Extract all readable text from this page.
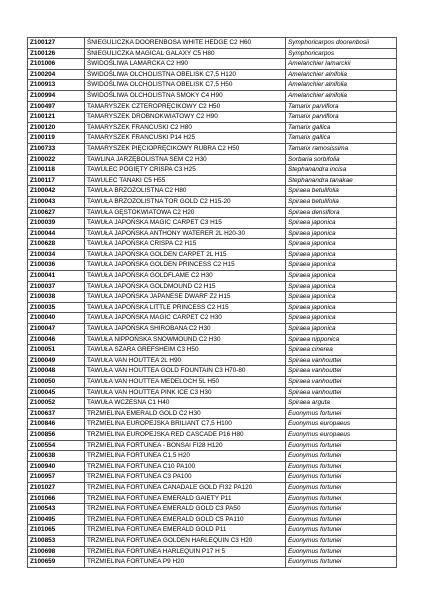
Z100127	ŚNIEGULICZKA DOORENBOSA WHITE HEDGE C2 H60	Symphoricarpos doorenbosii
Z100126	ŚNIEGULICZKA MAGICAL GALAXY C5 H80	Symphoricarpos
Z101006	ŚWIDOŚLIWA LAMARCKA C2 H90	Amelanchier lamarckii
Z100204	ŚWIDOŚLIWA OLCHOLISTNA OBELISK C7,5 H120	Amelanchier alnifolia
Z100913	ŚWIDOŚLIWA OLCHOLISTNA OBELISK C7,5 H50	Amelanchier alnifolia
Z100994	ŚWIDOŚLIWA OLCHOLISTNA SMOKY C4 H90	Amelanchier alnifolia
Z100497	TAMARYSZEK CZTEROPRĘCIKOWY C2 H50	Tamarix parviflora
Z100121	TAMARYSZEK DROBNOKWIATOWY C2 H90	Tamarix parviflora
Z100120	TAMARYSZEK FRANCUSKI C2 H80	Tamarix gallica
Z100119	TAMARYSZEK FRANCUSKI P14 H25	Tamarix gallica
Z100733	TAMARYSZEK PIĘCIOPRĘCIKOWY RUBRA C2 H50	Tamarix ramosissima
Z100022	TAWLINA JARZĘBOLISTNA SEM C2 H30	Sorbaria sorbifolia
Z100118	TAWULEC POGIĘTY CRISPA C3 H25	Stephanandra incisa
Z100117	TAWULEC TANAKI C5 H55	Stephanandra tanakae
Z100042	TAWUŁA BRZOZOLISTNA C2 H80	Spiraea betulifolia
Z100043	TAWUŁA BRZOZOLISTNA TOR GOLD C2 H15-20	Spiraea betulifolia
Z100627	TAWUŁA GĘSTOKWIATOWA C2 H20	Spiraea densiflora
Z100039	TAWUŁA JAPOŃSKA MAGIC CARPET C3 H15	Spiraea japonica
Z100044	TAWUŁA JAPOŃSKA ANTHONY WATERER 2L H20-30	Spiraea japonica
Z100628	TAWUŁA JAPOŃSKA CRISPA C2 H15	Spiraea japonica
Z100034	TAWUŁA JAPOŃSKA GOLDEN CARPET 2L H15	Spiraea japonica
Z100036	TAWUŁA JAPOŃSKA GOLDEN PRINCESS C2 H15	Spiraea japonica
Z100041	TAWUŁA JAPOŃSKA GOLDFLAME C2 H30	Spiraea japonica
Z100037	TAWUŁA JAPOŃSKA GOLDMOUND C2 H15	Spiraea japonica
Z100038	TAWUŁA JAPOŃSKA JAPANESE DWARF Z2 H15	Spiraea japonica
Z100035	TAWUŁA JAPOŃSKA LITTLE PRINCESS C2 H15	Spiraea japonica
Z100040	TAWUŁA JAPOŃSKA MAGIC CARPET C2 H30	Spiraea japonica
Z100047	TAWUŁA JAPOŃSKA SHIROBANA C2 H30	Spiraea japonica
Z100046	TAWUŁA NIPPOŃSKA SNOWMOUND C2 H30	Spiraea nipponica
Z100051	TAWUŁA SZARA GREFSHEIM C3 H50	Spiraea cinerea
Z100049	TAWUŁA VAN HOUTTEA 2L H90	Spiraea vanhouttei
Z100048	TAWUŁA VAN HOUTTEA GOLD FOUNTAIN C3 H70-80	Spiraea vanhouttei
Z100050	TAWUŁA VAN HOUTTEA MEDELOCH 5L H50	Spiraea vanhouttei
Z100045	TAWUŁA VAN HOUTTEA PINK ICE C3 H30	Spiraea vanhouttei
Z100052	TAWUŁA WCZESNA C1 H40	Spiraea arguta
Z100637	TRZMIELINA EMERALD GOLD C2 H30	Euonymus fortunei
Z100846	TRZMIELINA EUROPEJSKA BRILIANT C7,5 H100	Euonymus europaeus
Z100856	TRZMIELINA EUROPEJSKA RED CASCADE P16 H80	Euonymus europaeus
Z100554	TRZMIELINA FORTUNEA - BONSAI FI28 H120	Euonymus fortunei
Z100638	TRZMIELINA FORTUNEA C1,5 H20	Euonymus fortunei
Z100940	TRZMIELINA FORTUNEA C10 PA100	Euonymus fortunei
Z100957	TRZMIELINA FORTUNEA C3 PA100	Euonymus fortunei
Z101027	TRZMIELINA FORTUNEA CANADALE GOLD FI32 PA120	Euonymus fortunei
Z101066	TRZMIELINA FORTUNEA EMERALD GAIETY P11	Euonymus fortunei
Z100543	TRZMIELINA FORTUNEA EMERALD GOLD C3 PA50	Euonymus fortunei
Z100495	TRZMIELINA FORTUNEA EMERALD GOLD C5 PA110	Euonymus fortunei
Z101065	TRZMIELINA FORTUNEA EMERALD GOLD P11	Euonymus fortunei
Z100853	TRZMIELINA FORTUNEA GOLDEN HARLEQUIN C3 H20	Euonymus fortunei
Z100698	TRZMIELINA FORTUNEA HARLEQUIN P17 H 5	Euonymus fortunei
Z100659	TRZMIELINA FORTUNEA P9 H20	Euonymus fortunei
